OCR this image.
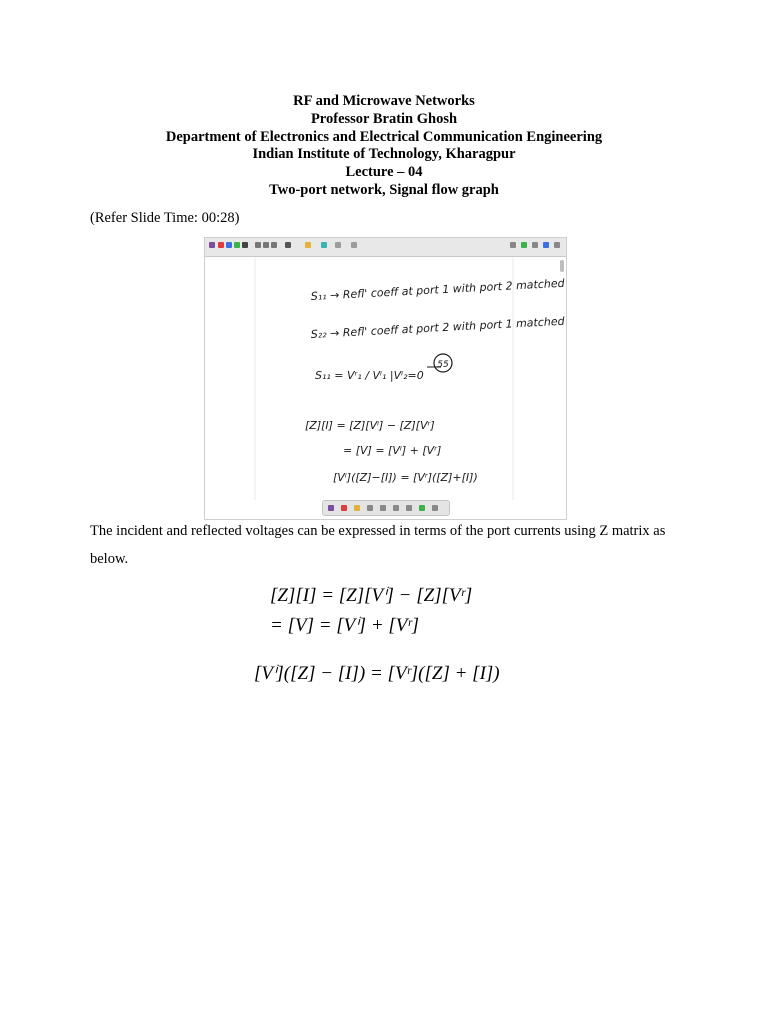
RF and Microwave Networks
Professor Bratin Ghosh
Department of Electronics and Electrical Communication Engineering
Indian Institute of Technology, Kharagpur
Lecture – 04
Two-port network, Signal flow graph
(Refer Slide Time: 00:28)
S₁₁ → Refl' coeff at port 1 with port 2 matched
S₂₂ → Refl' coeff at port 2 with port 1 matched
S₁₁ = Vʳ₁ / Vⁱ₁ |Vⁱ₂=0
55
[Z][I] = [Z][Vⁱ] − [Z][Vʳ]
= [V] = [Vⁱ] + [Vʳ]
[Vⁱ]([Z]−[I]) = [Vʳ]([Z]+[I])
The incident and reflected voltages can be expressed in terms of the port currents using Z matrix as below.
[Z][I] = [Z][Vⁱ] − [Z][Vʳ]
= [V] = [Vⁱ] + [Vʳ]
[Vⁱ]([Z] − [I]) = [Vʳ]([Z] + [I])
